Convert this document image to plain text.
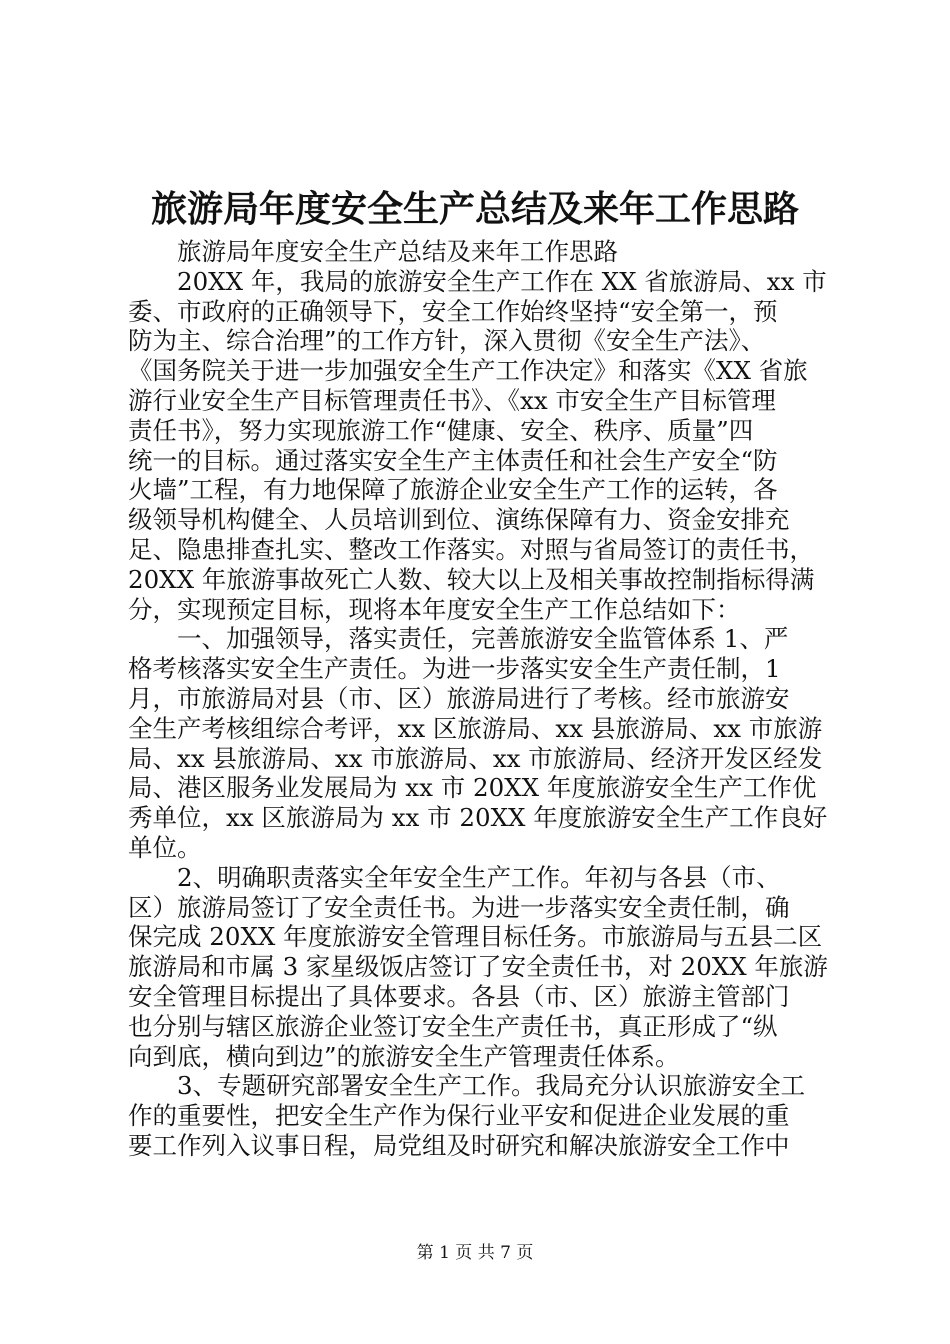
旅游局年度安全生产总结及来年工作思路
　　旅游局年度安全生产总结及来年工作思路
　　20XX 年，我局的旅游安全生产工作在 XX 省旅游局、xx 市
委、市政府的正确领导下，安全工作始终坚持“安全第一，预
防为主、综合治理”的工作方针，深入贯彻《安全生产法》、
《国务院关于进一步加强安全生产工作决定》和落实《XX 省旅
游行业安全生产目标管理责任书》、《xx 市安全生产目标管理
责任书》，努力实现旅游工作“健康、安全、秩序、质量”四
统一的目标。通过落实安全生产主体责任和社会生产安全“防
火墙”工程，有力地保障了旅游企业安全生产工作的运转，各
级领导机构健全、人员培训到位、演练保障有力、资金安排充
足、隐患排查扎实、整改工作落实。对照与省局签订的责任书，
20XX 年旅游事故死亡人数、较大以上及相关事故控制指标得满
分，实现预定目标，现将本年度安全生产工作总结如下：
　　一、加强领导，落实责任，完善旅游安全监管体系 1、严
格考核落实安全生产责任。为进一步落实安全生产责任制，1
月，市旅游局对县（市、区）旅游局进行了考核。经市旅游安
全生产考核组综合考评，xx 区旅游局、xx 县旅游局、xx 市旅游
局、xx 县旅游局、xx 市旅游局、xx 市旅游局、经济开发区经发
局、港区服务业发展局为 xx 市 20XX 年度旅游安全生产工作优
秀单位，xx 区旅游局为 xx 市 20XX 年度旅游安全生产工作良好
单位。
　　2、明确职责落实全年安全生产工作。年初与各县（市、
区）旅游局签订了安全责任书。为进一步落实安全责任制，确
保完成 20XX 年度旅游安全管理目标任务。市旅游局与五县二区
旅游局和市属 3 家星级饭店签订了安全责任书，对 20XX 年旅游
安全管理目标提出了具体要求。各县（市、区）旅游主管部门
也分别与辖区旅游企业签订安全生产责任书，真正形成了“纵
向到底，横向到边”的旅游安全生产管理责任体系。
　　3、专题研究部署安全生产工作。我局充分认识旅游安全工
作的重要性，把安全生产作为保行业平安和促进企业发展的重
要工作列入议事日程，局党组及时研究和解决旅游安全工作中
第 1 页 共 7 页
